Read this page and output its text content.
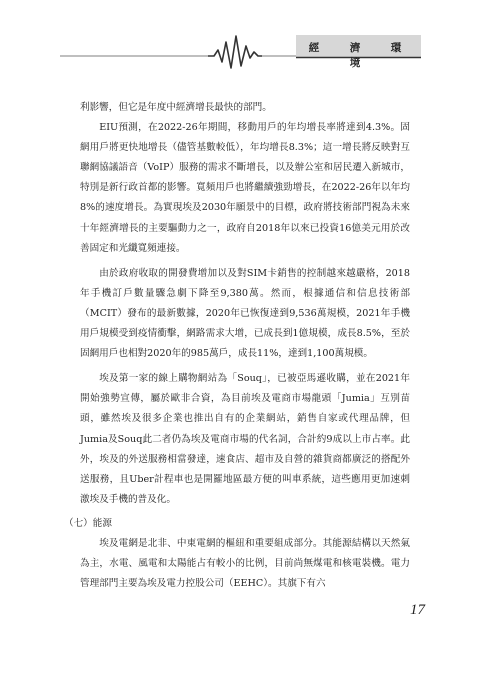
經　濟　環　境

利影響，但它是年度中經濟增長最快的部門。

EIU預測，在2022-26年期間，移動用戶的年均增長率將達到4.3%。固網用戶將更快地增長（儘管基數較低），年均增長8.3%；這一增長將反映對互聯網協議語音（VoIP）服務的需求不斷增長，以及辦公室和居民遷入新城市，特別是新行政首都的影響。寬頻用戶也將繼續強勁增長，在2022-26年以年均8%的速度增長。為實現埃及2030年願景中的目標，政府將技術部門視為未來十年經濟增長的主要驅動力之一，政府自2018年以來已投資16億美元用於改善固定和光纖寬頻連接。

由於政府收取的開發費增加以及對SIM卡銷售的控制越來越嚴格，2018年手機訂戶數量驟急劇下降至9,380萬。然而，根據通信和信息技術部（MCIT）發布的最新數據，2020年已恢復達到9,536萬規模，2021年手機用戶規模受到疫情衝擊，網路需求大增，已成長到1億規模，成長8.5%，至於固網用戶也相對2020年的985萬戶，成長11%，達到1,100萬規模。

埃及第一家的線上購物網站為「Souq」，已被亞馬遜收購，並在2021年開始強勢宣傳，屬於歐非合資，為目前埃及電商市場龍頭「Jumia」互別苗頭，雖然埃及很多企業也推出自有的企業網站，銷售自家或代理品牌，但Jumia及Souq此二者仍為埃及電商市場的代名詞，合計約9成以上市占率。此外，埃及的外送服務相當發達，速食店、超市及自營的雜貨商都廣泛的搭配外送服務，且Uber計程車也是開羅地區最方便的叫車系統，這些應用更加速刺激埃及手機的普及化。

（七）能源

埃及電網是北非、中東電網的樞紐和重要組成部分。其能源結構以天然氣為主，水電、風電和太陽能占有較小的比例，目前尚無煤電和核電裝機。電力管理部門主要為埃及電力控股公司（EEHC）。其旗下有六

17
